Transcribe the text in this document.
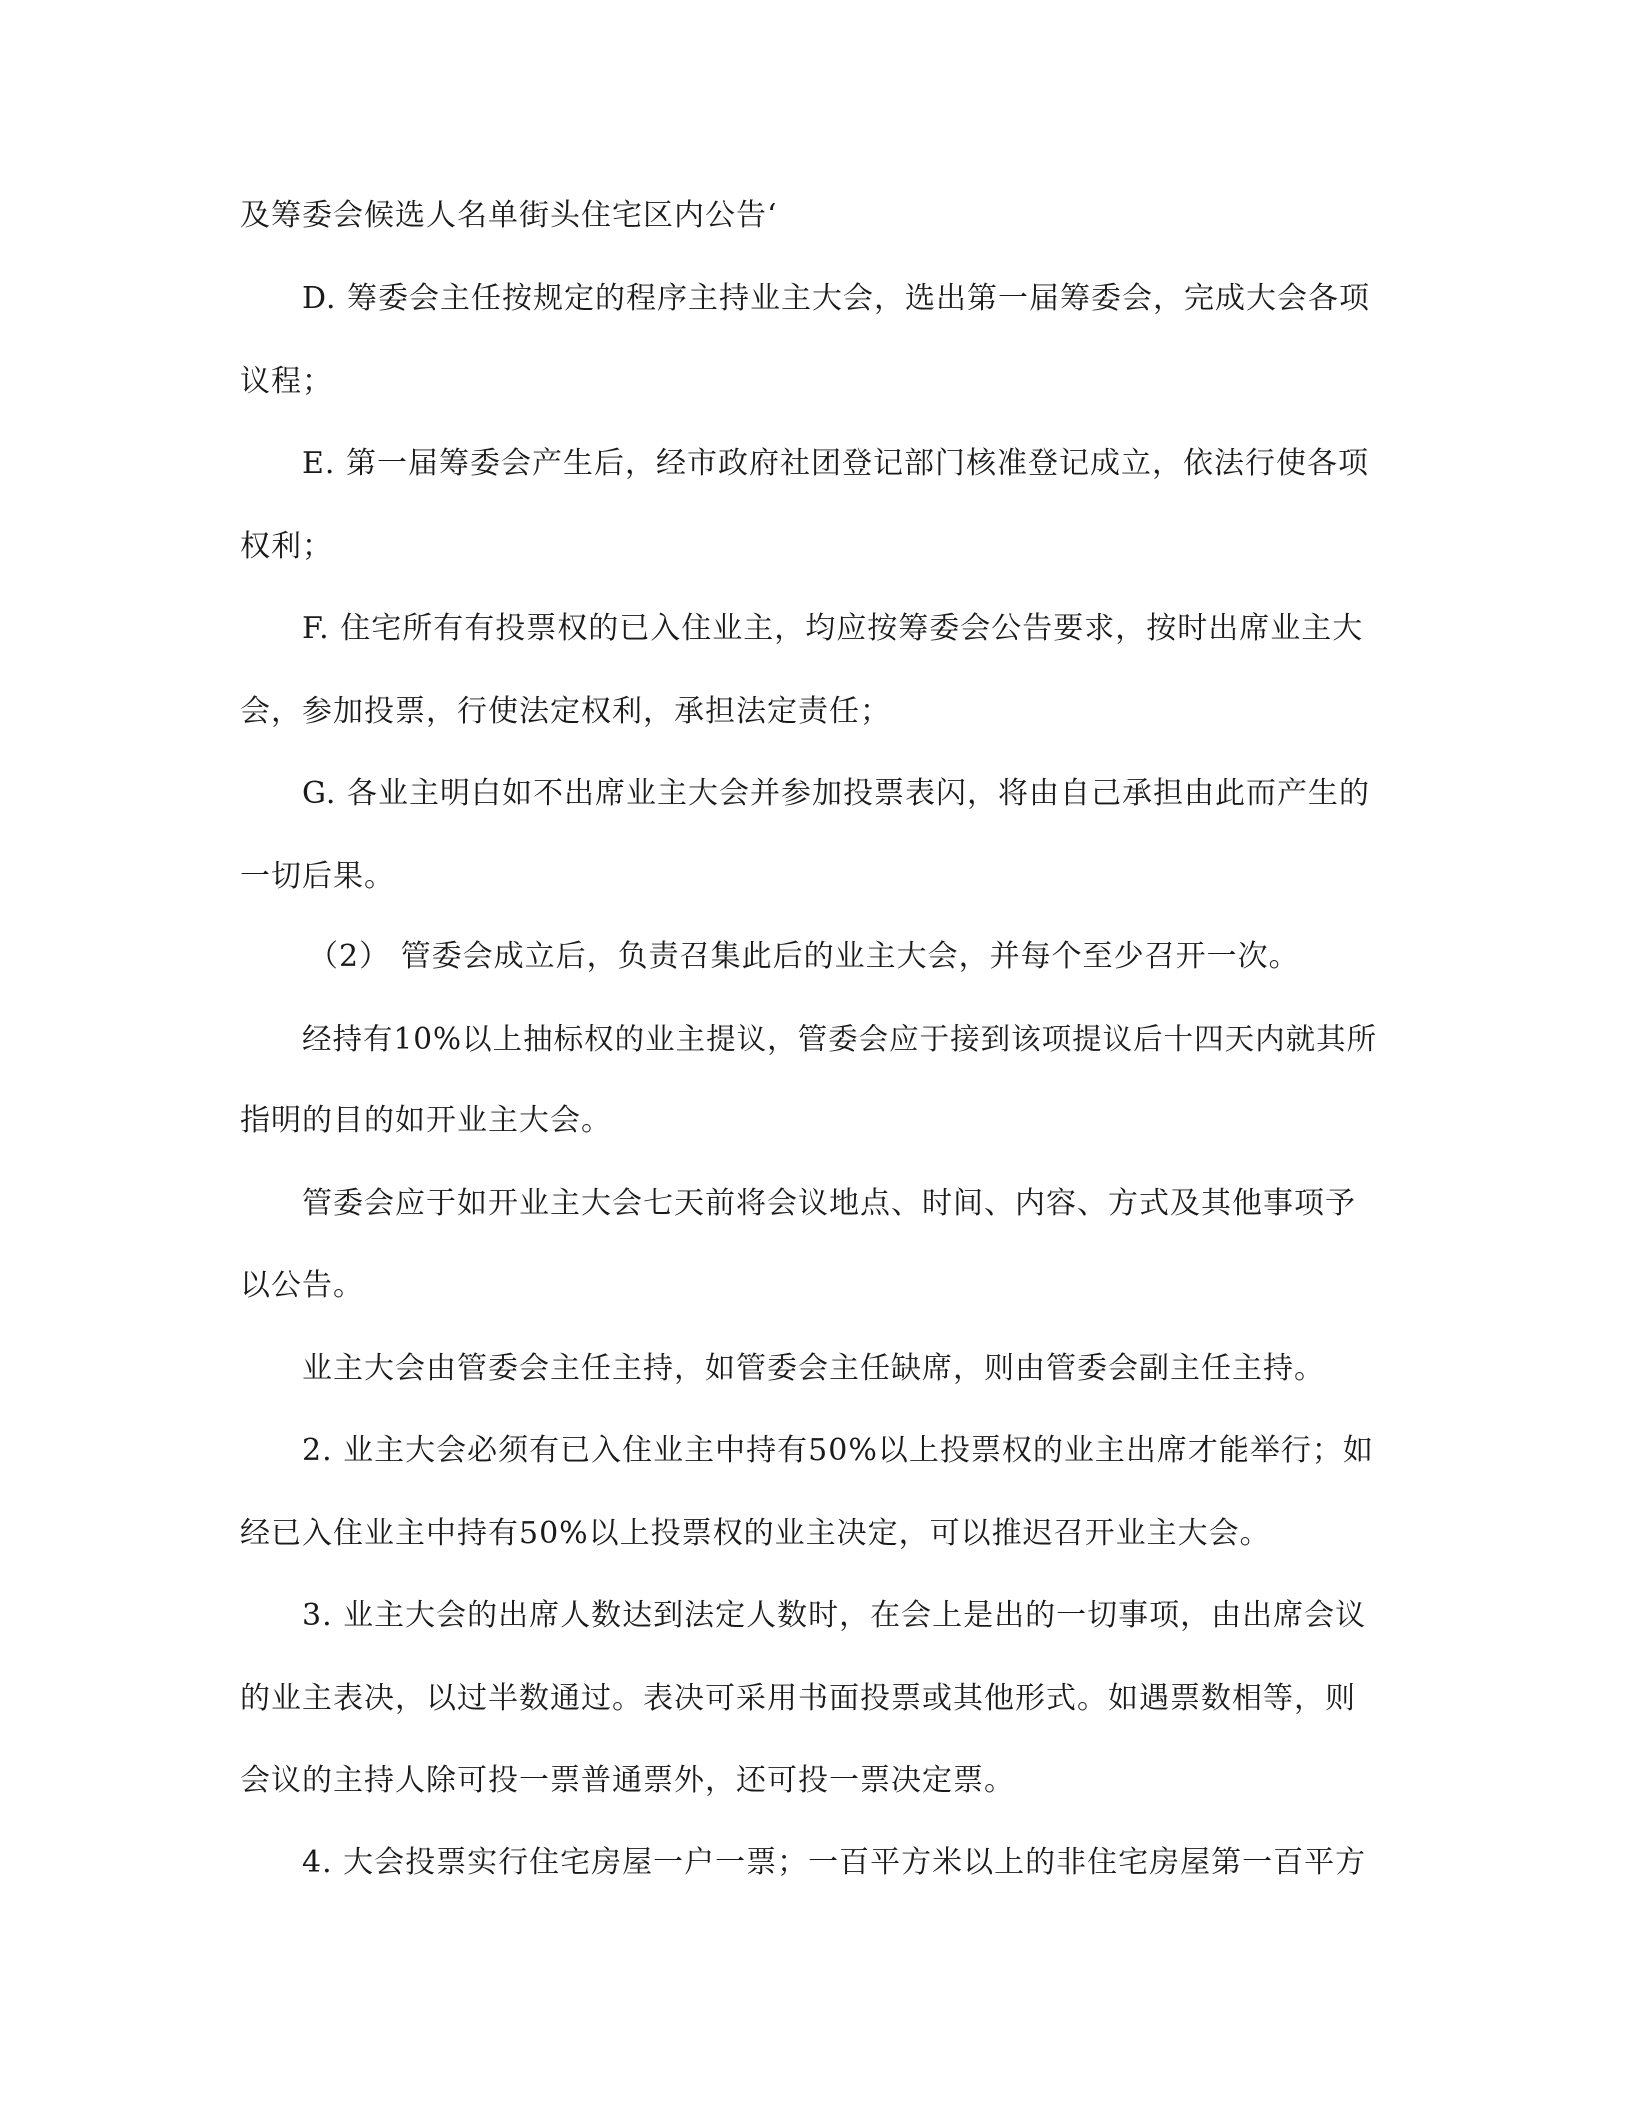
及筹委会候选人名单街头住宅区内公告‘
D. 筹委会主任按规定的程序主持业主大会，选出第一届筹委会，完成大会各项
议程；
E. 第一届筹委会产生后，经市政府社团登记部门核准登记成立，依法行使各项
权利；
F. 住宅所有有投票权的已入住业主，均应按筹委会公告要求，按时出席业主大
会，参加投票，行使法定权利，承担法定责任；
G. 各业主明白如不出席业主大会并参加投票表闪，将由自己承担由此而产生的
一切后果。
（2） 管委会成立后，负责召集此后的业主大会，并每个至少召开一次。
经持有10%以上抽标权的业主提议，管委会应于接到该项提议后十四天内就其所
指明的目的如开业主大会。
管委会应于如开业主大会七天前将会议地点、时间、内容、方式及其他事项予
以公告。
业主大会由管委会主任主持，如管委会主任缺席，则由管委会副主任主持。
2. 业主大会必须有已入住业主中持有50%以上投票权的业主出席才能举行；如
经已入住业主中持有50%以上投票权的业主决定，可以推迟召开业主大会。
3. 业主大会的出席人数达到法定人数时，在会上是出的一切事项，由出席会议
的业主表决，以过半数通过。表决可采用书面投票或其他形式。如遇票数相等，则
会议的主持人除可投一票普通票外，还可投一票决定票。
4. 大会投票实行住宅房屋一户一票；一百平方米以上的非住宅房屋第一百平方
